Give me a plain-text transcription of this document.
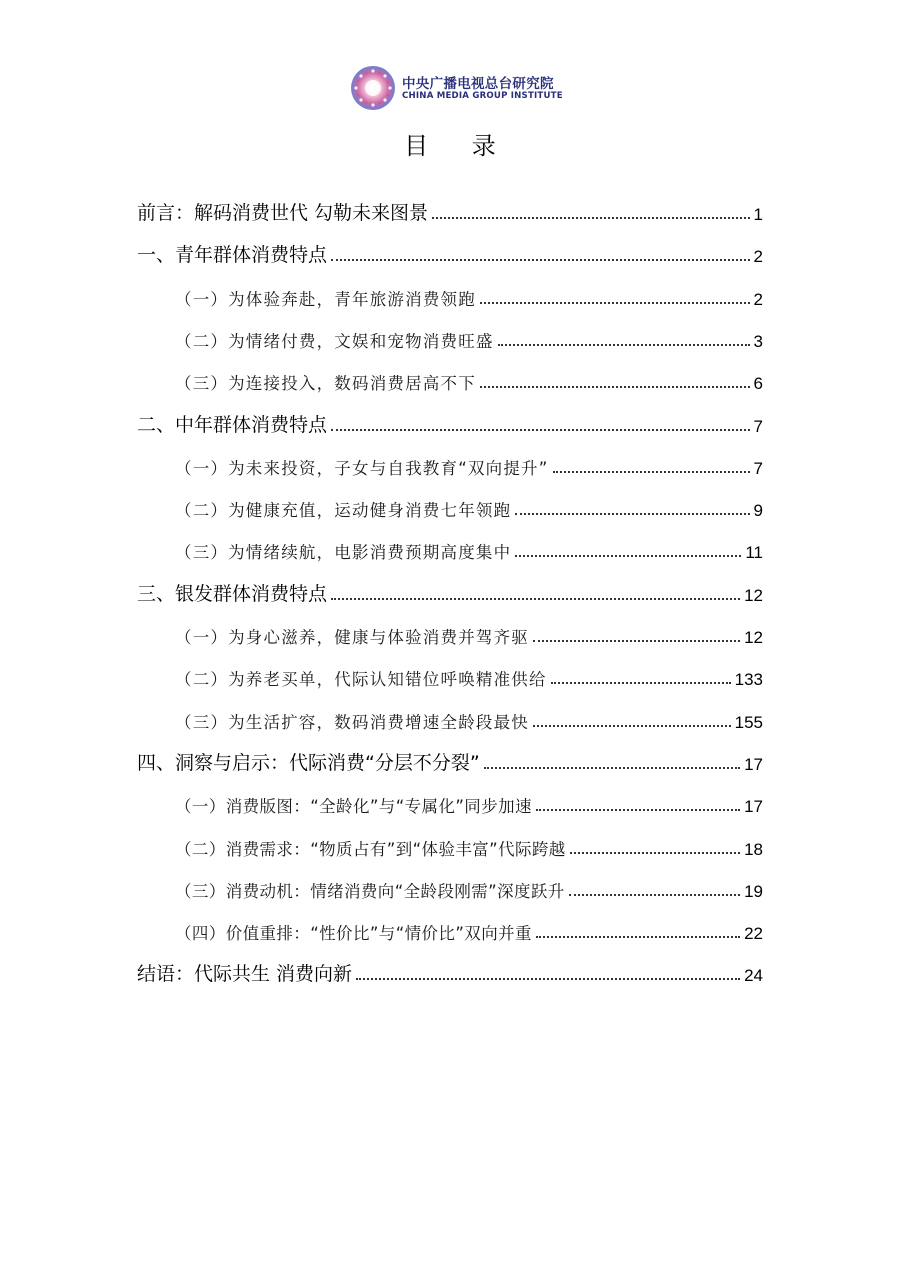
中央广播电视总台研究院
CHINA MEDIA GROUP INSTITUTE
目 录
前言：解码消费世代 勾勒未来图景	1
一、青年群体消费特点	2
（一）为体验奔赴，青年旅游消费领跑	2
（二）为情绪付费，文娱和宠物消费旺盛	3
（三）为连接投入，数码消费居高不下	6
二、中年群体消费特点	7
（一）为未来投资，子女与自我教育“双向提升”	7
（二）为健康充值，运动健身消费七年领跑	9
（三）为情绪续航，电影消费预期高度集中	11
三、银发群体消费特点	12
（一）为身心滋养，健康与体验消费并驾齐驱	12
（二）为养老买单，代际认知错位呼唤精准供给	133
（三）为生活扩容，数码消费增速全龄段最快	155
四、洞察与启示：代际消费“分层不分裂”	17
（一）消费版图：“全龄化”与“专属化”同步加速	17
（二）消费需求：“物质占有”到“体验丰富”代际跨越	18
（三）消费动机：情绪消费向“全龄段刚需”深度跃升	19
（四）价值重排：“性价比”与“情价比”双向并重	22
结语：代际共生 消费向新	24
